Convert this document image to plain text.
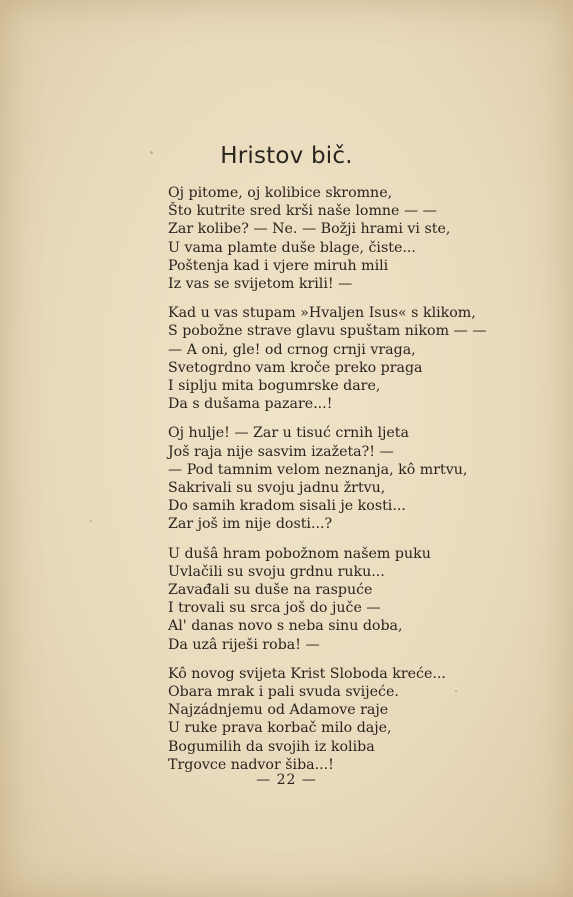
Hristov bič.
Oj pitome, oj kolibice skromne,
Što kutrite sred krši naše lomne — —
Zar kolibe? — Ne. — Božji hrami vi ste,
U vama plamte duše blage, čiste...
Poštenja kad i vjere miruh mili
Iz vas se svijetom krili! —
Kad u vas stupam »Hvaljen Isus« s klikom,
S pobožne strave glavu spuštam nikom — —
— A oni, gle! od crnog crnji vraga,
Svetogrdno vam kroče preko praga
I siplju mita bogumrske dare,
Da s dušama pazare...!
Oj hulje! — Zar u tisuć crnih ljeta
Još raja nije sasvim izažeta?! —
— Pod tamnim velom neznanja, kô mrtvu,
Sakrivali su svoju jadnu žrtvu,
Do samih kradom sisali je kosti...
Zar još im nije dosti...?
U dušâ hram pobožnom našem puku
Uvlačili su svoju grdnu ruku...
Zavađali su duše na raspuće
I trovali su srca još do juče —
Al' danas novo s neba sinu doba,
Da uzâ riješi roba! —
Kô novog svijeta Krist Sloboda kreće...
Obara mrak i pali svuda svijeće.
Najzádnjemu od Adamove raje
U ruke prava korbač milo daje,
Bogumilih da svojih iz koliba
Trgovce nadvor šiba...!
— 22 —
